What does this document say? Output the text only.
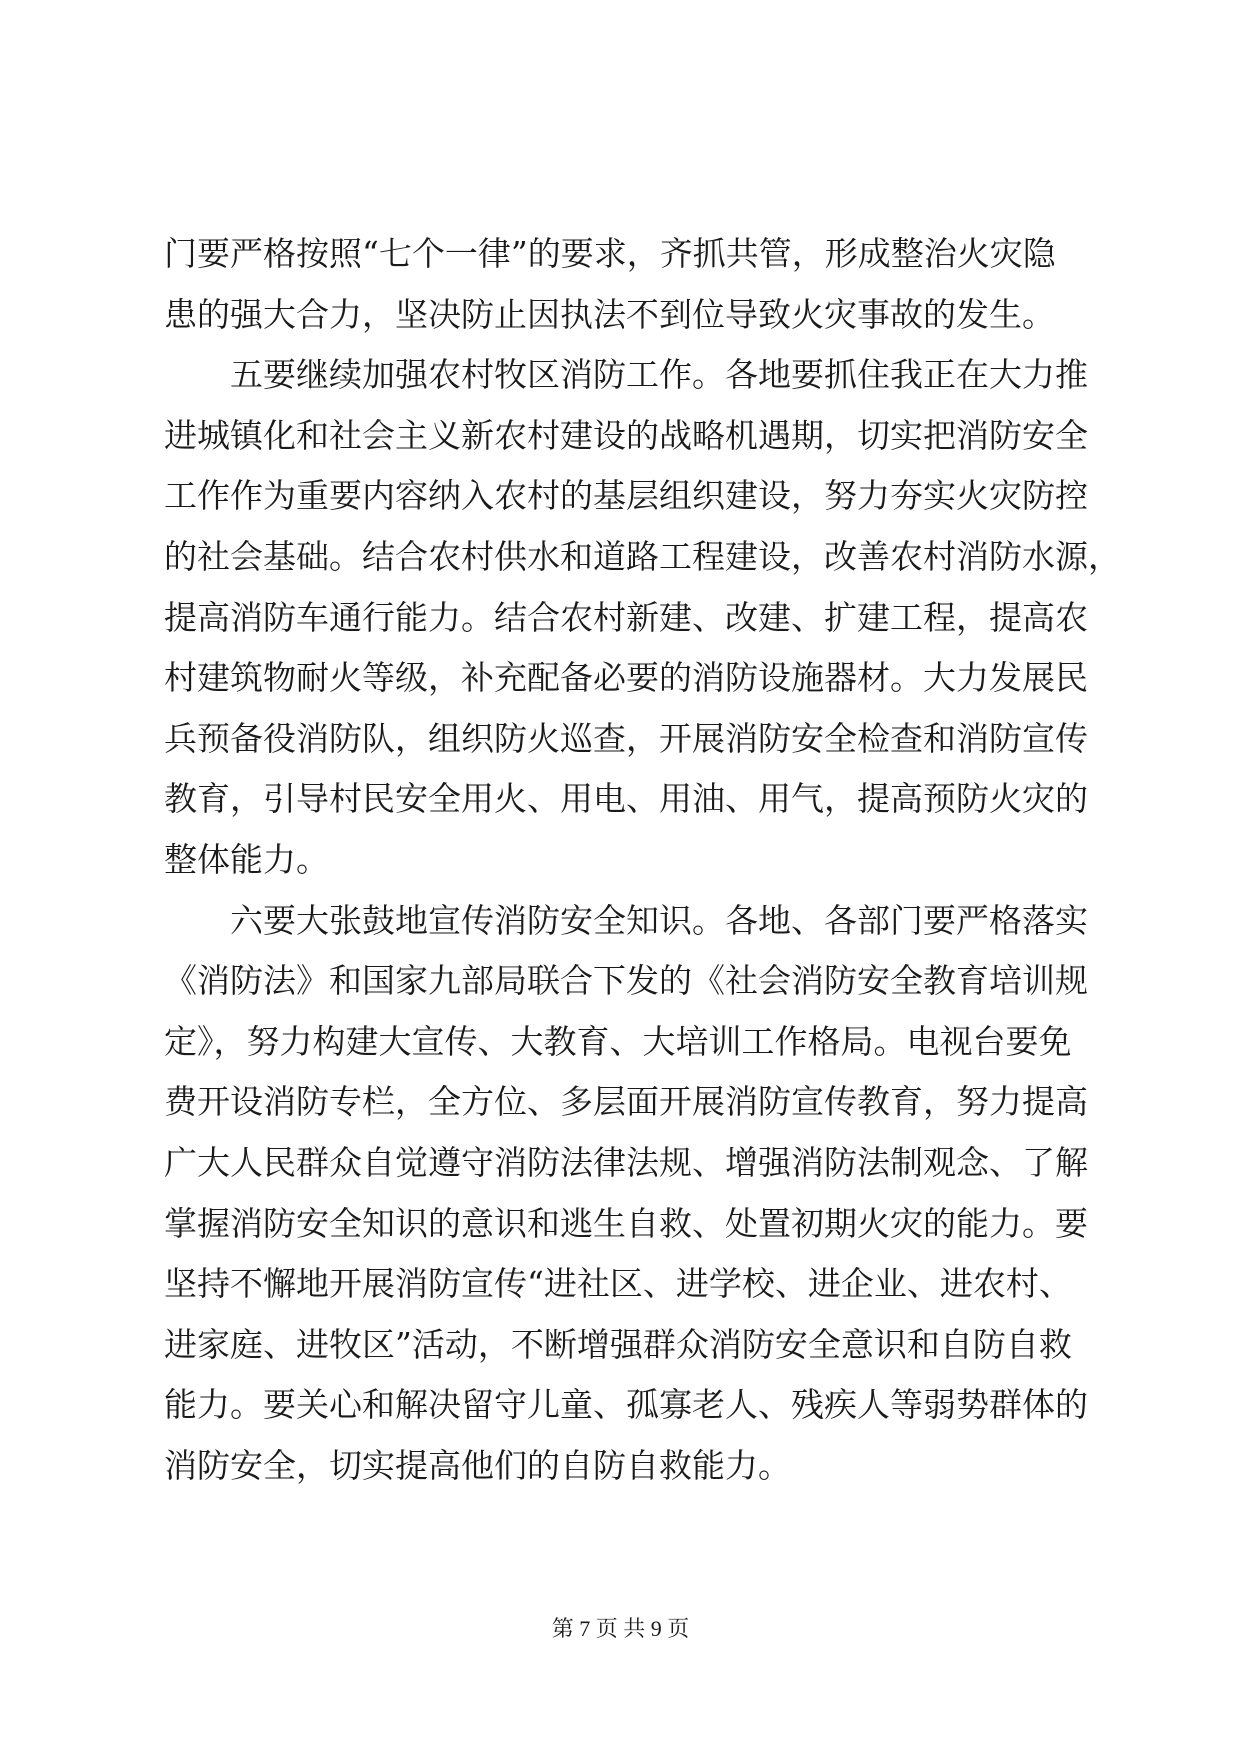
门要严格按照“七个一律”的要求，齐抓共管，形成整治火灾隐
患的强大合力，坚决防止因执法不到位导致火灾事故的发生。
五要继续加强农村牧区消防工作。各地要抓住我正在大力推
进城镇化和社会主义新农村建设的战略机遇期，切实把消防安全
工作作为重要内容纳入农村的基层组织建设，努力夯实火灾防控
的社会基础。结合农村供水和道路工程建设，改善农村消防水源，
提高消防车通行能力。结合农村新建、改建、扩建工程，提高农
村建筑物耐火等级，补充配备必要的消防设施器材。大力发展民
兵预备役消防队，组织防火巡查，开展消防安全检查和消防宣传
教育，引导村民安全用火、用电、用油、用气，提高预防火灾的
整体能力。
六要大张鼓地宣传消防安全知识。各地、各部门要严格落实
《消防法》和国家九部局联合下发的《社会消防安全教育培训规
定》，努力构建大宣传、大教育、大培训工作格局。电视台要免
费开设消防专栏，全方位、多层面开展消防宣传教育，努力提高
广大人民群众自觉遵守消防法律法规、增强消防法制观念、了解
掌握消防安全知识的意识和逃生自救、处置初期火灾的能力。要
坚持不懈地开展消防宣传“进社区、进学校、进企业、进农村、
进家庭、进牧区”活动，不断增强群众消防安全意识和自防自救
能力。要关心和解决留守儿童、孤寡老人、残疾人等弱势群体的
消防安全，切实提高他们的自防自救能力。
第 7 页 共 9 页
